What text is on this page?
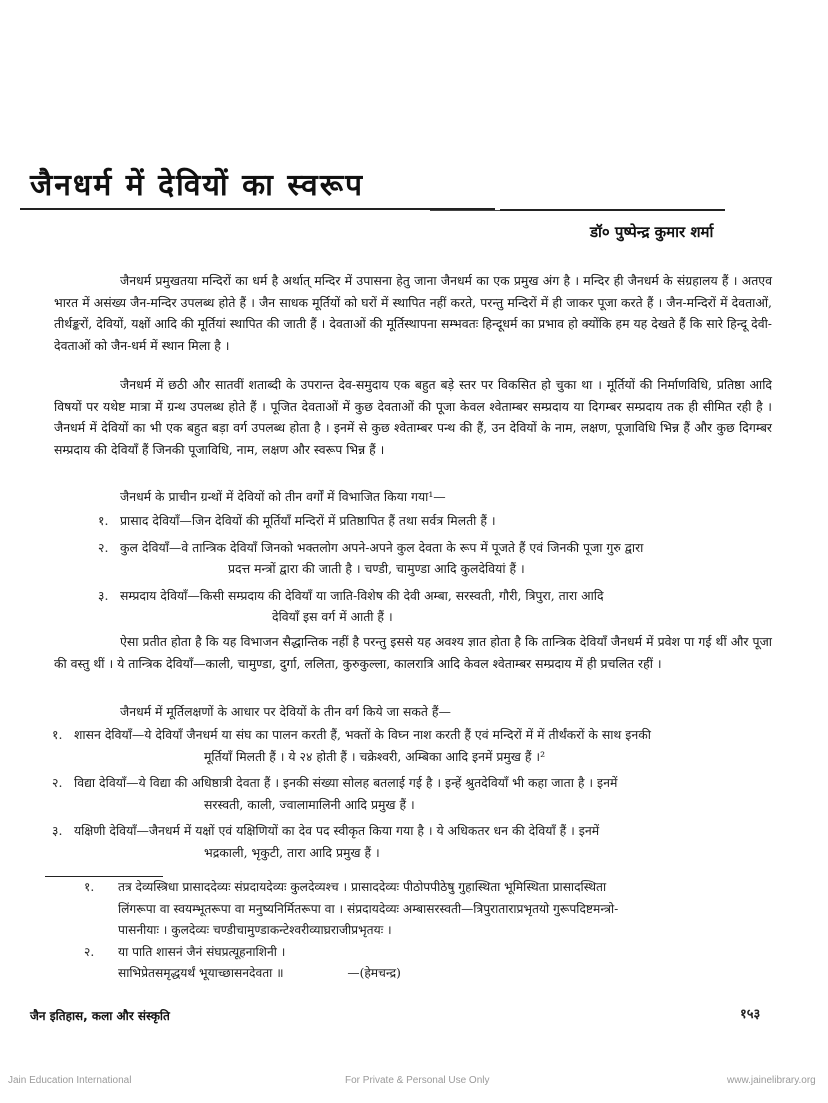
जैनधर्म में देवियों का स्वरूप
डॉ० पुष्पेन्द्र कुमार शर्मा

जैनधर्म प्रमुखतया मन्दिरों का धर्म है अर्थात् मन्दिर में उपासना हेतु जाना जैनधर्म का एक प्रमुख अंग है । मन्दिर ही जैनधर्म के संग्रहालय हैं । अतएव भारत में असंख्य जैन-मन्दिर उपलब्ध होते हैं । जैन साधक मूर्तियों को घरों में स्थापित नहीं करते, परन्तु मन्दिरों में ही जाकर पूजा करते हैं । जैन-मन्दिरों में देवताओं, तीर्थङ्करों, देवियों, यक्षों आदि की मूर्तियां स्थापित की जाती हैं । देवताओं की मूर्तिस्थापना सम्भवतः हिन्दूधर्म का प्रभाव हो क्योंकि हम यह देखते हैं कि सारे हिन्दू देवी-देवताओं को जैन-धर्म में स्थान मिला है ।

जैनधर्म में छठी और सातवीं शताब्दी के उपरान्त देव-समुदाय एक बहुत बड़े स्तर पर विकसित हो चुका था । मूर्तियों की निर्माणविधि, प्रतिष्ठा आदि विषयों पर यथेष्ट मात्रा में ग्रन्थ उपलब्ध होते हैं । पूजित देवताओं में कुछ देवताओं की पूजा केवल श्वेताम्बर सम्प्रदाय या दिगम्बर सम्प्रदाय तक ही सीमित रही है । जैनधर्म में देवियों का भी एक बहुत बड़ा वर्ग उपलब्ध होता है । इनमें से कुछ श्वेताम्बर पन्थ की हैं, उन देवियों के नाम, लक्षण, पूजाविधि भिन्न हैं और कुछ दिगम्बर सम्प्रदाय की देवियाँ हैं जिनकी पूजाविधि, नाम, लक्षण और स्वरूप भिन्न हैं ।

जैनधर्म के प्राचीन ग्रन्थों में देवियों को तीन वर्गों में विभाजित किया गया¹—
१. प्रासाद देवियाँ—जिन देवियों की मूर्तियाँ मन्दिरों में प्रतिष्ठापित हैं तथा सर्वत्र मिलती हैं ।
२. कुल देवियाँ—वे तान्त्रिक देवियाँ जिनको भक्तलोग अपने-अपने कुल देवता के रूप में पूजते हैं एवं जिनकी पूजा गुरु द्वारा
प्रदत्त मन्त्रों द्वारा की जाती है । चण्डी, चामुण्डा आदि कुलदेवियां हैं ।
३. सम्प्रदाय देवियाँ—किसी सम्प्रदाय की देवियाँ या जाति-विशेष की देवी अम्बा, सरस्वती, गौरी, त्रिपुरा, तारा आदि
देवियाँ इस वर्ग में आती हैं ।

ऐसा प्रतीत होता है कि यह विभाजन सैद्धान्तिक नहीं है परन्तु इससे यह अवश्य ज्ञात होता है कि तान्त्रिक देवियाँ जैनधर्म में प्रवेश पा गई थीं और पूजा की वस्तु थीं । ये तान्त्रिक देवियाँ—काली, चामुण्डा, दुर्गा, ललिता, कुरुकुल्ला, कालरात्रि आदि केवल श्वेताम्बर सम्प्रदाय में ही प्रचलित रहीं ।

जैनधर्म में मूर्तिलक्षणों के आधार पर देवियों के तीन वर्ग किये जा सकते हैं—
१. शासन देवियाँ—ये देवियाँ जैनधर्म या संघ का पालन करती हैं, भक्तों के विघ्न नाश करती हैं एवं मन्दिरों में में तीर्थंकरों के साथ इनकी
मूर्तियाँ मिलती हैं । ये २४ होती हैं । चक्रेश्वरी, अम्बिका आदि इनमें प्रमुख हैं ।²
२. विद्या देवियाँ—ये विद्या की अधिष्ठात्री देवता हैं । इनकी संख्या सोलह बतलाई गई है । इन्हें श्रुतदेवियाँ भी कहा जाता है । इनमें
सरस्वती, काली, ज्वालामालिनी आदि प्रमुख हैं ।
३. यक्षिणी देवियाँ—जैनधर्म में यक्षों एवं यक्षिणियों का देव पद स्वीकृत किया गया है । ये अधिकतर धन की देवियाँ हैं । इनमें
भद्रकाली, भृकुटी, तारा आदि प्रमुख हैं ।
१.	तत्र देव्यस्त्रिधा प्रासाददेव्यः संप्रदायदेव्यः कुलदेव्यश्च । प्रासाददेव्यः पीठोपपीठेषु गुहास्थिता भूमिस्थिता प्रासादस्थिता
लिंगरूपा वा स्वयम्भूतरूपा वा मनुष्यनिर्मितरूपा वा । संप्रदायदेव्यः अम्बासरस्वती—त्रिपुराताराप्रभृतयो गुरूपदिष्टमन्त्रो-
पासनीयाः । कुलदेव्यः चण्डीचामुण्डाकन्टेश्वरीव्याघ्रराजीप्रभृतयः ।
२.	या पाति शासनं जैनं संघप्रत्यूहनाशिनी ।
साभिप्रेतसमृद्धयर्थं भूयाच्छासनदेवता ॥	—(हेमचन्द्र)
जैन इतिहास, कला और संस्कृति	१५३
Jain Education International	For Private & Personal Use Only	www.jainelibrary.org
